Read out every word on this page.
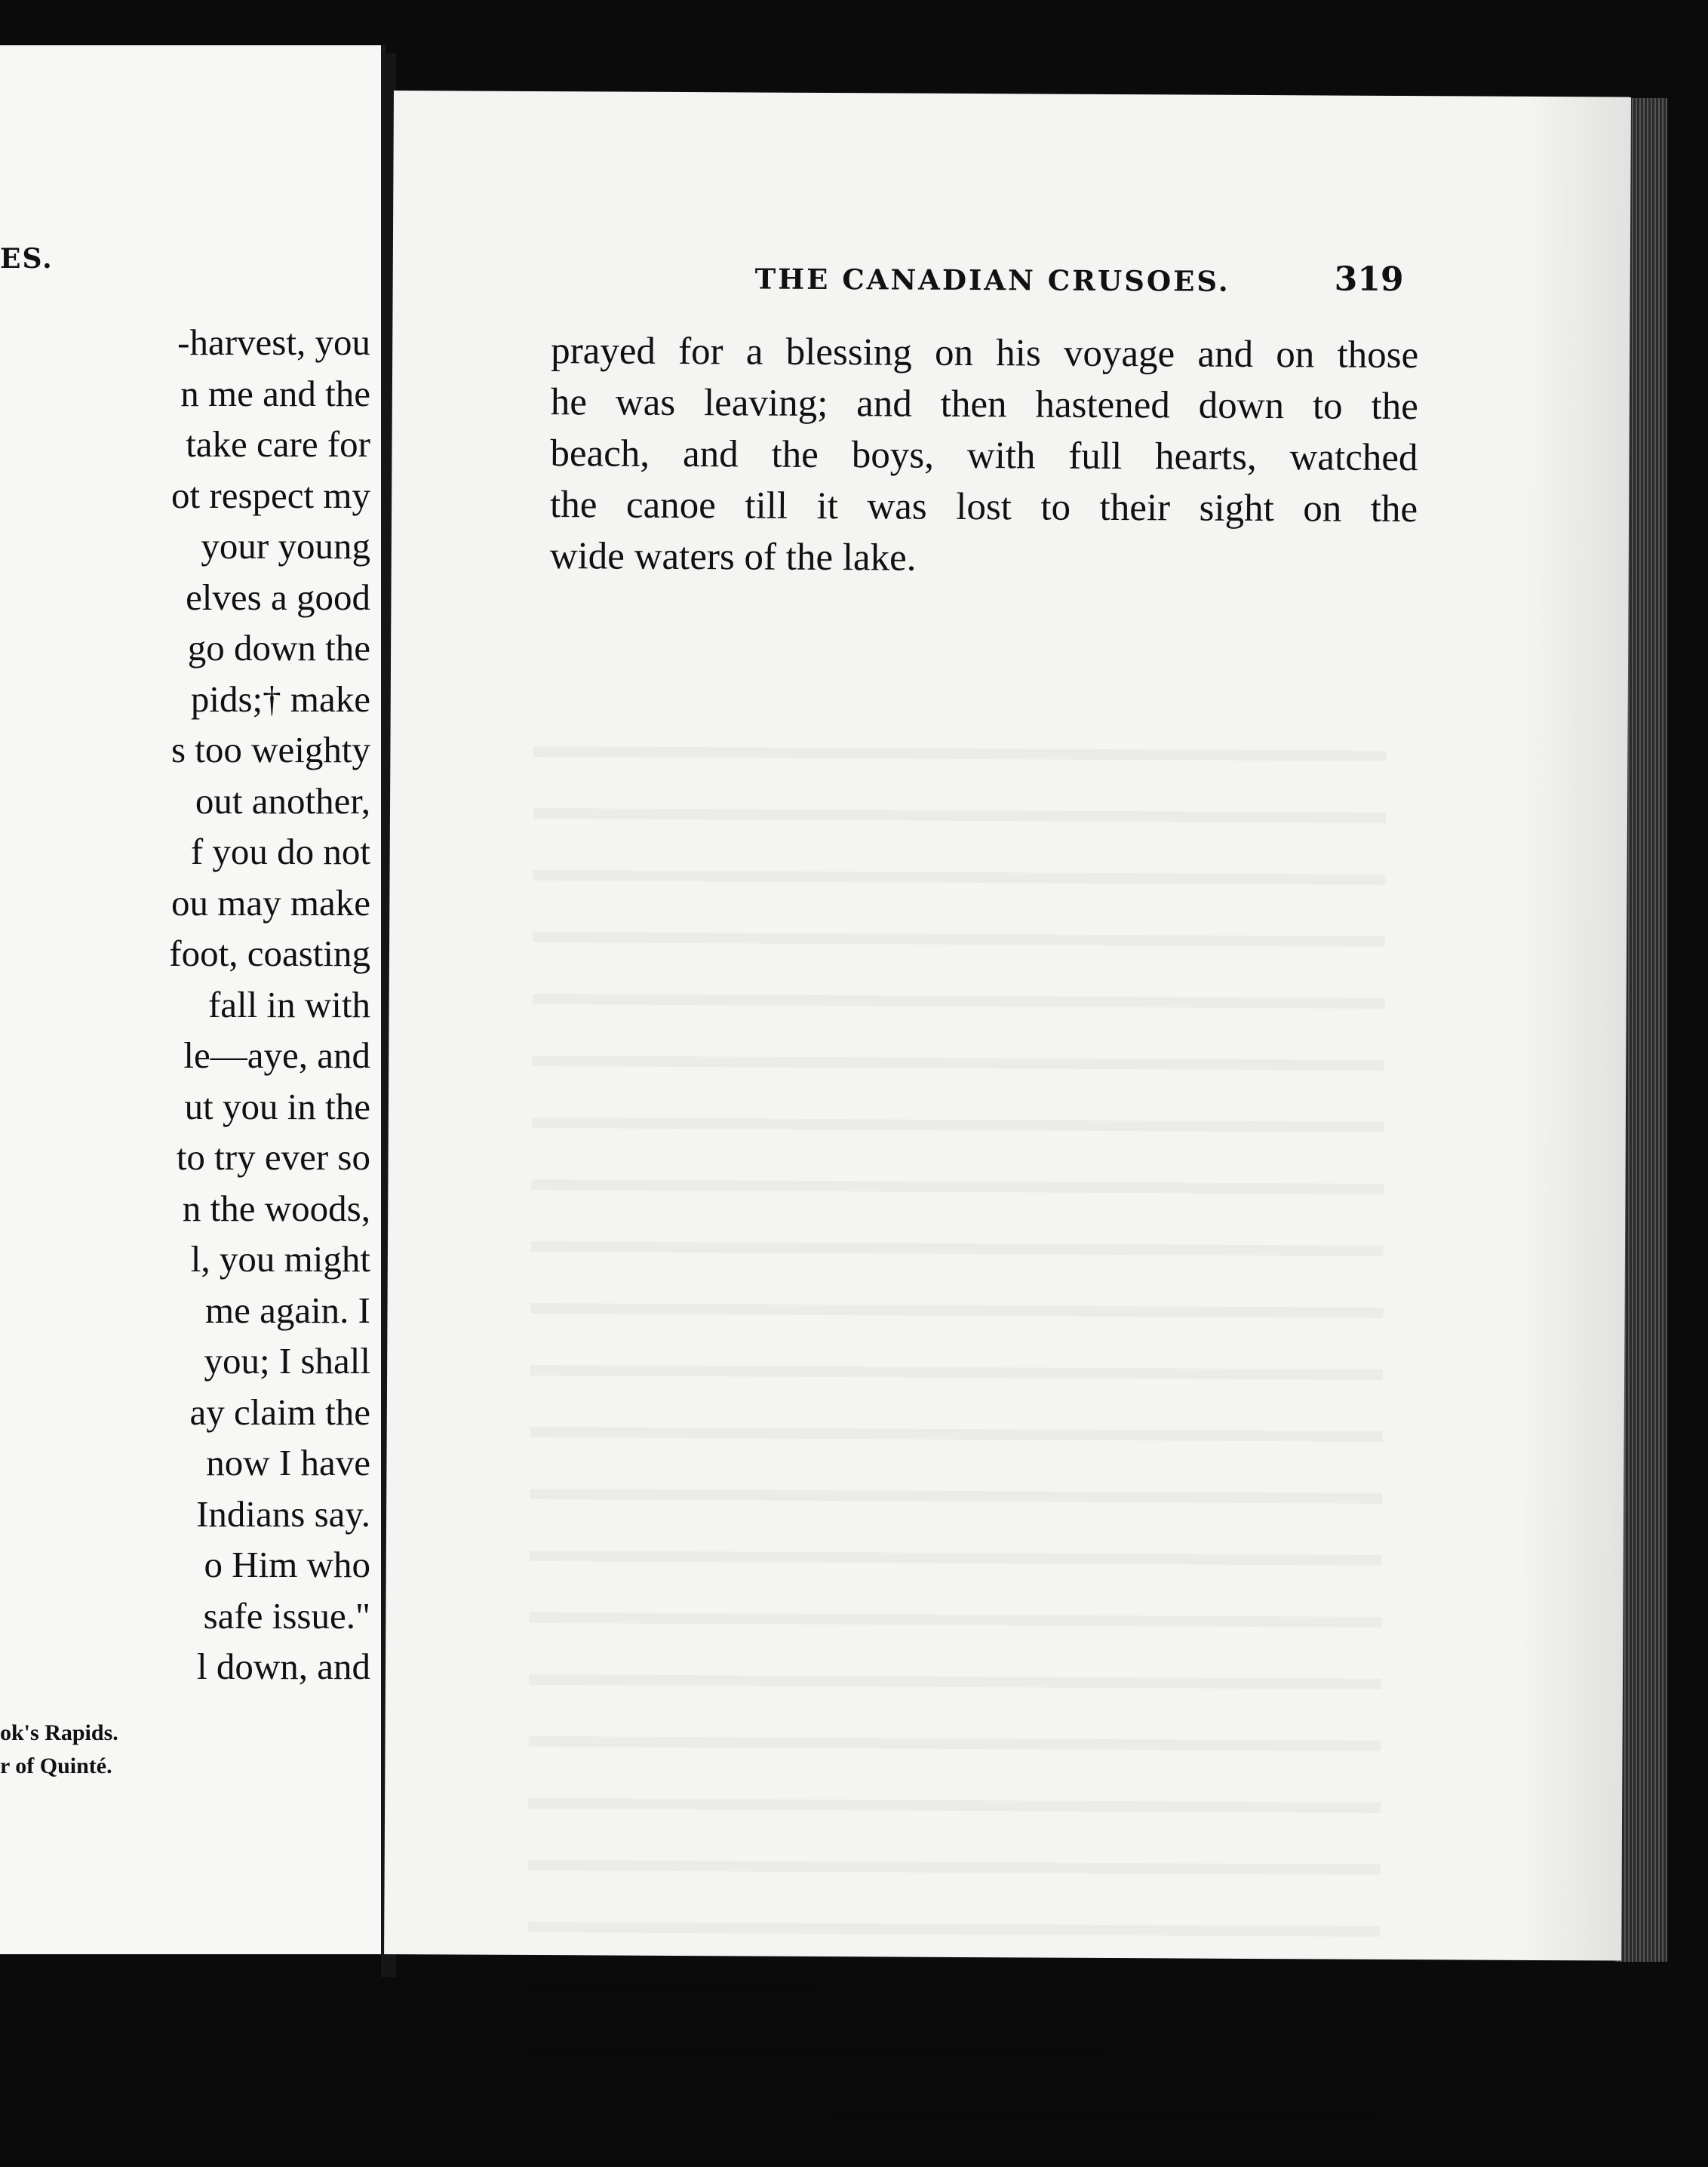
ES.
-harvest, you
n me and the
take care for
ot respect my
your young
elves a good
go down the
pids;† make
s too weighty
out another,
f you do not
ou may make
foot, coasting
fall in with
le—aye, and
ut you in the
to try ever so
n the woods,
l, you might
me again. I
you; I shall
ay claim the
now I have
Indians say.
o Him who
safe issue."
l down, and
ok's Rapids.
r of Quinté.
THE CANADIAN CRUSOES.	319
prayed for a blessing on his voyage and on those
he was leaving; and then hastened down to the
beach, and the boys, with full hearts, watched
the canoe till it was lost to their sight on the
wide waters of the lake.
